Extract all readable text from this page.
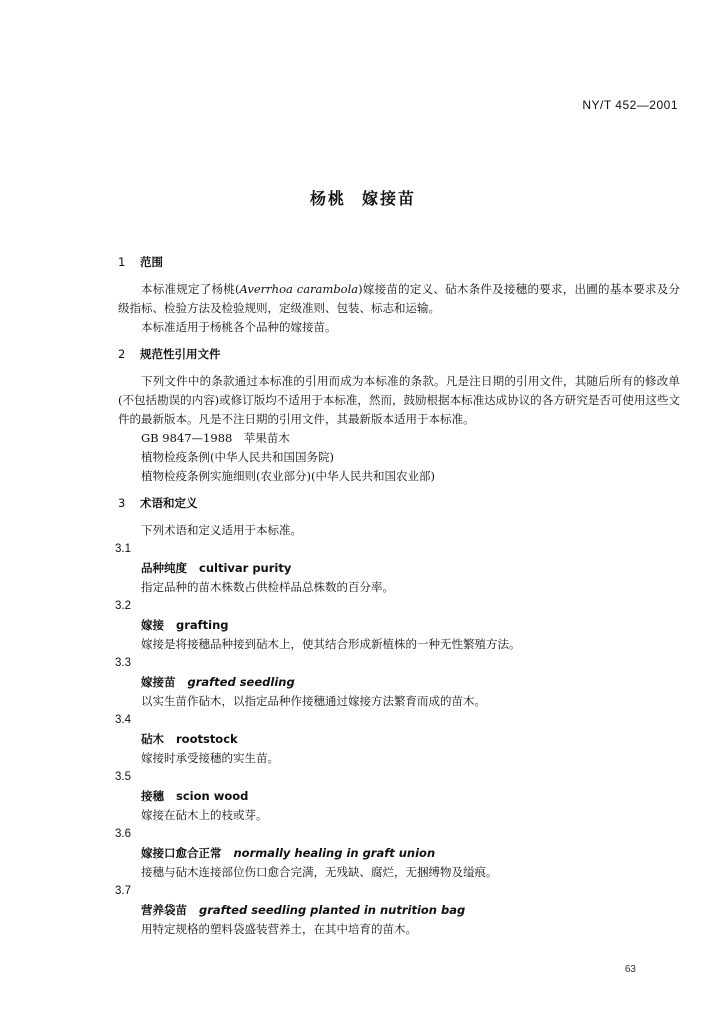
NY/T 452—2001
杨桃 嫁接苗
1 范围
本标准规定了杨桃(Averrhoa carambola)嫁接苗的定义、砧木条件及接穗的要求，出圃的基本要求及分级指标、检验方法及检验规则，定级准则、包装、标志和运输。
本标准适用于杨桃各个品种的嫁接苗。
2 规范性引用文件
下列文件中的条款通过本标准的引用而成为本标准的条款。凡是注日期的引用文件，其随后所有的修改单(不包括勘误的内容)或修订版均不适用于本标准，然而，鼓励根据本标准达成协议的各方研究是否可使用这些文件的最新版本。凡是不注日期的引用文件，其最新版本适用于本标准。
GB 9847—1988　苹果苗木
植物检疫条例(中华人民共和国国务院)
植物检疫条例实施细则(农业部分)(中华人民共和国农业部)
3 术语和定义
下列术语和定义适用于本标准。
3.1
品种纯度 cultivar purity
指定品种的苗木株数占供检样品总株数的百分率。
3.2
嫁接 grafting
嫁接是将接穗品种接到砧木上，使其结合形成新植株的一种无性繁殖方法。
3.3
嫁接苗 grafted seedling
以实生苗作砧木，以指定品种作接穗通过嫁接方法繁育而成的苗木。
3.4
砧木 rootstock
嫁接时承受接穗的实生苗。
3.5
接穗 scion wood
嫁接在砧木上的枝或芽。
3.6
嫁接口愈合正常 normally healing in graft union
接穗与砧木连接部位伤口愈合完满，无残缺、腐烂，无捆缚物及缢痕。
3.7
营养袋苗 grafted seedling planted in nutrition bag
用特定规格的塑料袋盛装营养土，在其中培育的苗木。
63
